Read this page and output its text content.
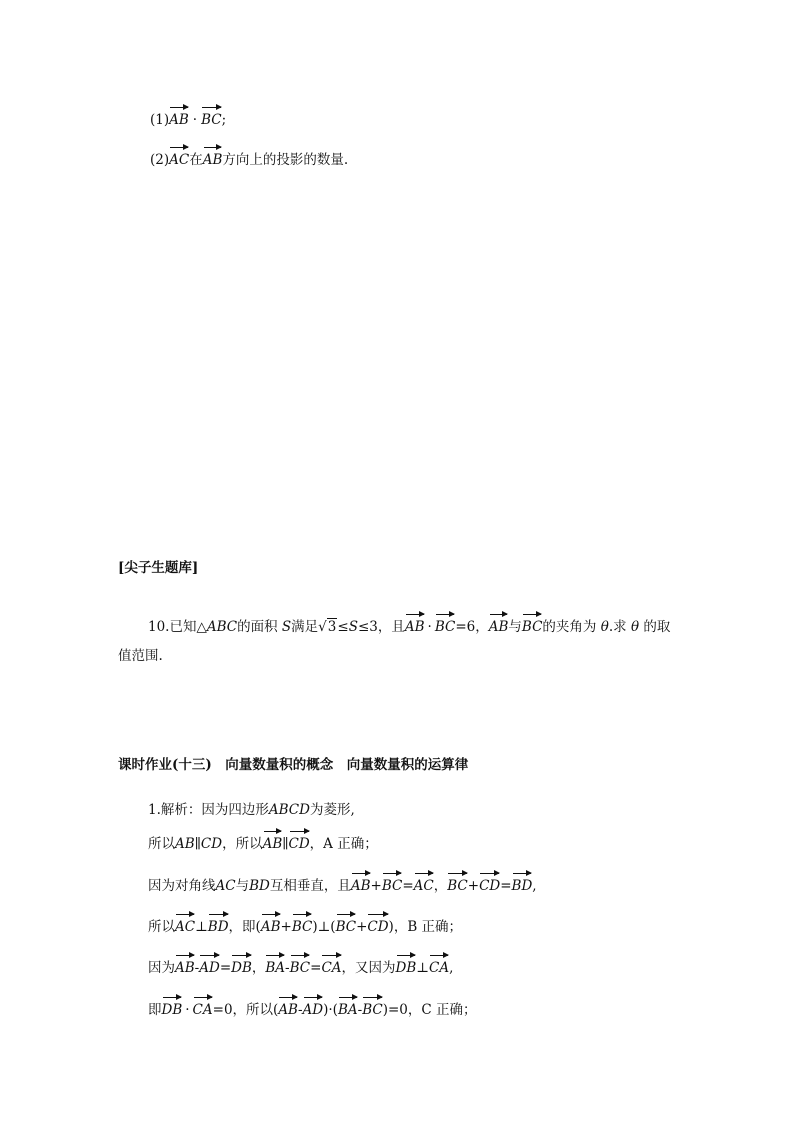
(1)AB · BC;
(2)AC在AB方向上的投影的数量.
[尖子生题库]
10.已知△ABC的面积 S满足√3≤S≤3，且AB · BC=6，AB与BC的夹角为 θ.求 θ 的取
值范围.
课时作业(十三)　向量数量积的概念　向量数量积的运算律
1.解析：因为四边形ABCD为菱形,
所以AB∥CD，所以AB∥CD，A 正确；
因为对角线AC与BD互相垂直，且AB+BC=AC，BC+CD=BD,
所以AC⊥BD，即(AB+BC)⊥(BC+CD)，B 正确；
因为AB-AD=DB，BA-BC=CA，又因为DB⊥CA,
即DB · CA=0，所以(AB-AD)·(BA-BC)=0，C 正确；
